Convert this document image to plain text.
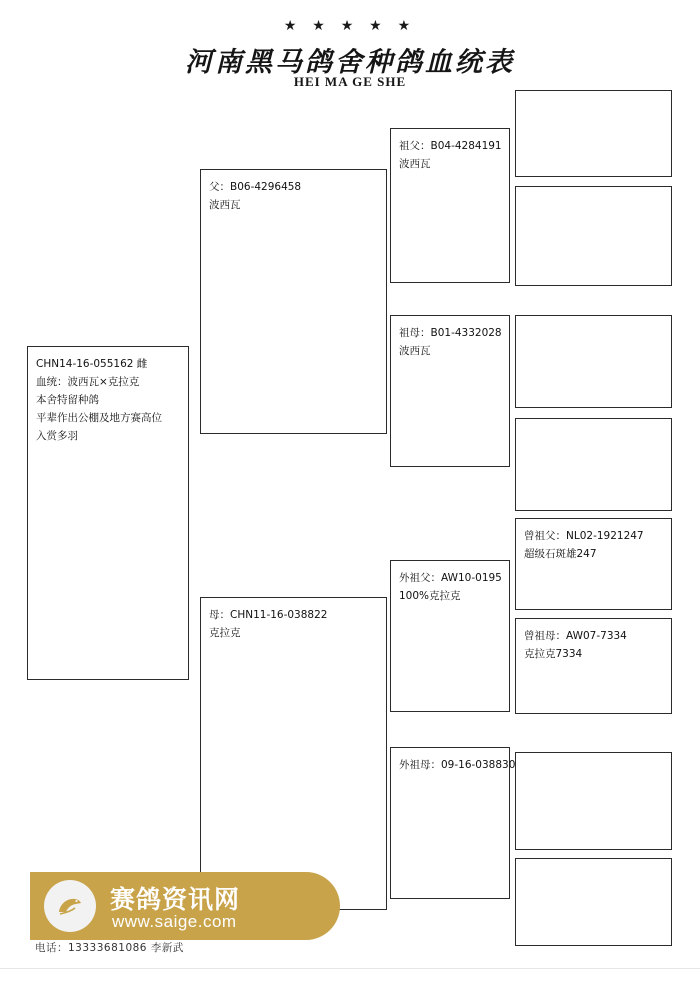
★ ★ ★ ★ ★
河南黑马鸽舍种鸽血统表
HEI MA GE SHE
CHN14-16-055162 雌
血统：波西瓦×克拉克
本舍特留种鸽
平辈作出公棚及地方赛高位
入赏多羽
父：B06-4296458
波西瓦
母：CHN11-16-038822
克拉克
祖父：B04-4284191
波西瓦
祖母：B01-4332028
波西瓦
外祖父：AW10-0195
100%克拉克
外祖母：09-16-038830
曾祖父：NL02-1921247
超级石斑雄247
曾祖母：AW07-7334
克拉克7334
赛鸽资讯网
www.saige.com
电话：13333681086 李新武
